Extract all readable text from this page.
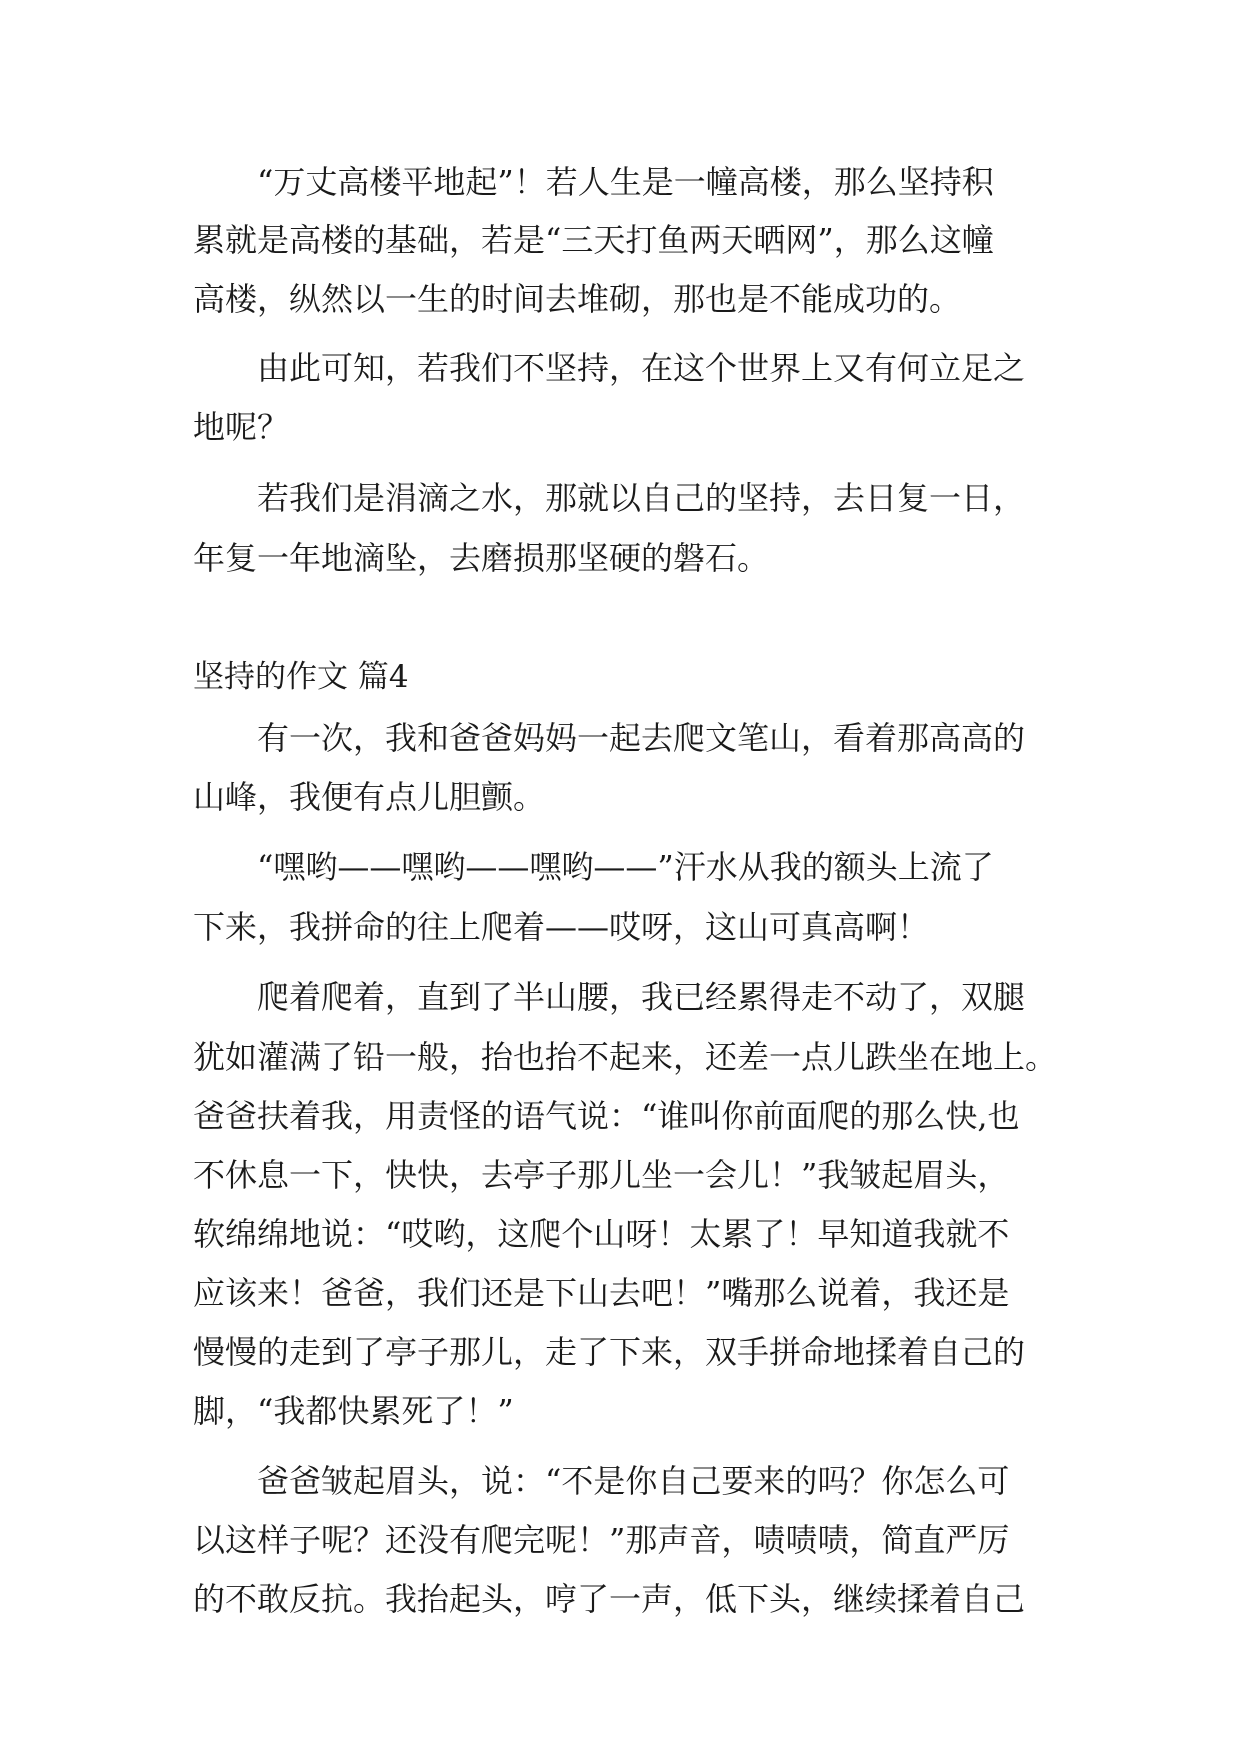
“万丈高楼平地起”！若人生是一幢高楼，那么坚持积
累就是高楼的基础，若是“三天打鱼两天晒网”，那么这幢
高楼，纵然以一生的时间去堆砌，那也是不能成功的。
由此可知，若我们不坚持，在这个世界上又有何立足之
地呢？
若我们是涓滴之水，那就以自己的坚持，去日复一日，
年复一年地滴坠，去磨损那坚硬的磐石。
坚持的作文 篇4
有一次，我和爸爸妈妈一起去爬文笔山，看着那高高的
山峰，我便有点儿胆颤。
“嘿哟——嘿哟——嘿哟——”汗水从我的额头上流了
下来，我拼命的往上爬着——哎呀，这山可真高啊！
爬着爬着，直到了半山腰，我已经累得走不动了，双腿
犹如灌满了铅一般，抬也抬不起来，还差一点儿跌坐在地上。
爸爸扶着我，用责怪的语气说：“谁叫你前面爬的那么快,也
不休息一下，快快，去亭子那儿坐一会儿！”我皱起眉头，
软绵绵地说：“哎哟，这爬个山呀！太累了！早知道我就不
应该来！爸爸，我们还是下山去吧！”嘴那么说着，我还是
慢慢的走到了亭子那儿，走了下来，双手拼命地揉着自己的
脚，“我都快累死了！”
爸爸皱起眉头，说：“不是你自己要来的吗？你怎么可
以这样子呢？还没有爬完呢！”那声音，啧啧啧，简直严厉
的不敢反抗。我抬起头，哼了一声，低下头，继续揉着自己
